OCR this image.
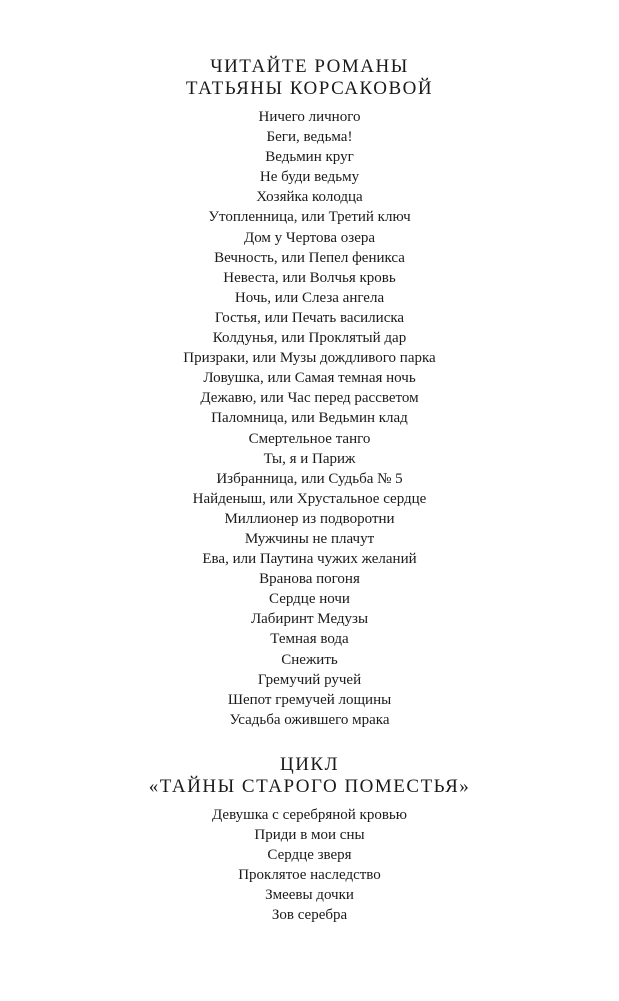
ЧИТАЙТЕ РОМАНЫ
ТАТЬЯНЫ КОРСАКОВОЙ
Ничего личного
Беги, ведьма!
Ведьмин круг
Не буди ведьму
Хозяйка колодца
Утопленница, или Третий ключ
Дом у Чертова озера
Вечность, или Пепел феникса
Невеста, или Волчья кровь
Ночь, или Слеза ангела
Гостья, или Печать василиска
Колдунья, или Проклятый дар
Призраки, или Музы дождливого парка
Ловушка, или Самая темная ночь
Дежавю, или Час перед рассветом
Паломница, или Ведьмин клад
Смертельное танго
Ты, я и Париж
Избранница, или Судьба № 5
Найденыш, или Хрустальное сердце
Миллионер из подворотни
Мужчины не плачут
Ева, или Паутина чужих желаний
Вранова погоня
Сердце ночи
Лабиринт Медузы
Темная вода
Снежить
Гремучий ручей
Шепот гремучей лощины
Усадьба ожившего мрака
ЦИКЛ
«ТАЙНЫ СТАРОГО ПОМЕСТЬЯ»
Девушка с серебряной кровью
Приди в мои сны
Сердце зверя
Проклятое наследство
Змеевы дочки
Зов серебра
